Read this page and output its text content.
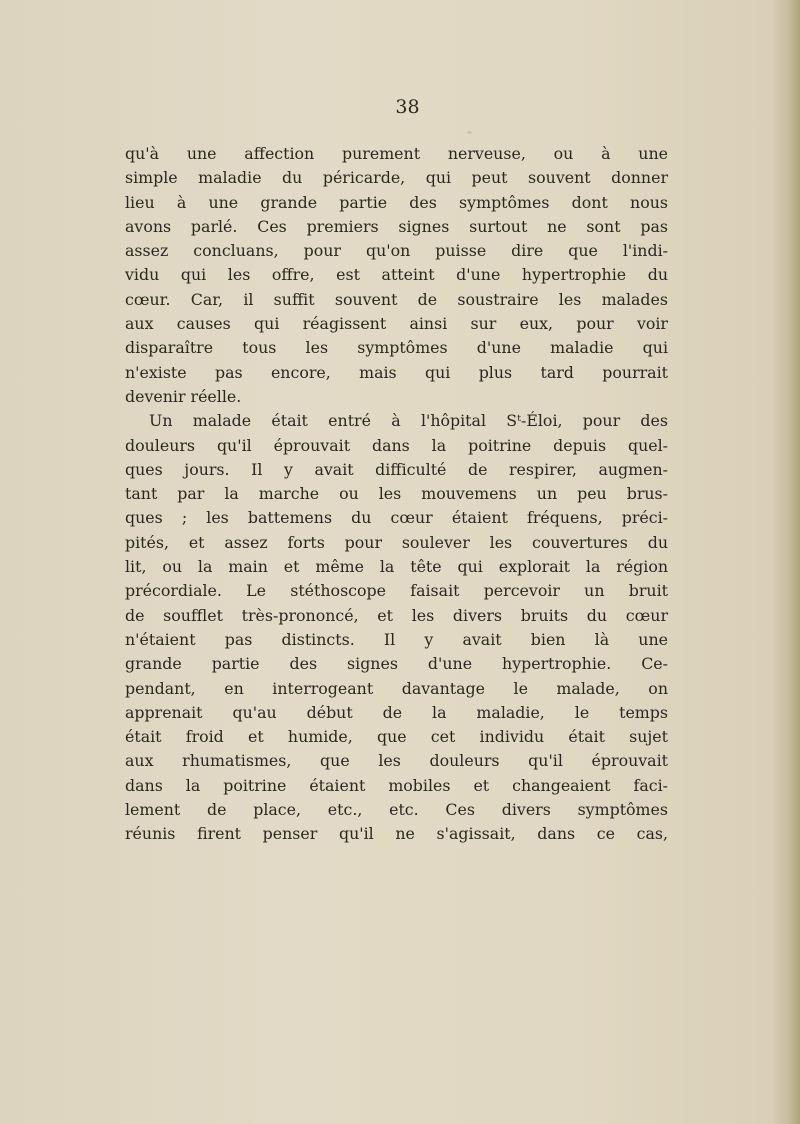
38

qu'à une affection purement nerveuse, ou à une
simple maladie du péricarde, qui peut souvent donner
lieu à une grande partie des symptômes dont nous
avons parlé. Ces premiers signes surtout ne sont pas
assez concluans, pour qu'on puisse dire que l'indi-
vidu qui les offre, est atteint d'une hypertrophie du
cœur. Car, il suffit souvent de soustraire les malades
aux causes qui réagissent ainsi sur eux, pour voir
disparaître tous les symptômes d'une maladie qui
n'existe pas encore, mais qui plus tard pourrait
devenir réelle.
Un malade était entré à l'hôpital Sᵗ-Éloi, pour des
douleurs qu'il éprouvait dans la poitrine depuis quel-
ques jours. Il y avait difficulté de respirer, augmen-
tant par la marche ou les mouvemens un peu brus-
ques ; les battemens du cœur étaient fréquens, préci-
pités, et assez forts pour soulever les couvertures du
lit, ou la main et même la tête qui explorait la région
précordiale. Le stéthoscope faisait percevoir un bruit
de soufflet très-prononcé, et les divers bruits du cœur
n'étaient pas distincts. Il y avait bien là une
grande partie des signes d'une hypertrophie. Ce-
pendant, en interrogeant davantage le malade, on
apprenait qu'au début de la maladie, le temps
était froid et humide, que cet individu était sujet
aux rhumatismes, que les douleurs qu'il éprouvait
dans la poitrine étaient mobiles et changeaient faci-
lement de place, etc., etc. Ces divers symptômes
réunis firent penser qu'il ne s'agissait, dans ce cas,
